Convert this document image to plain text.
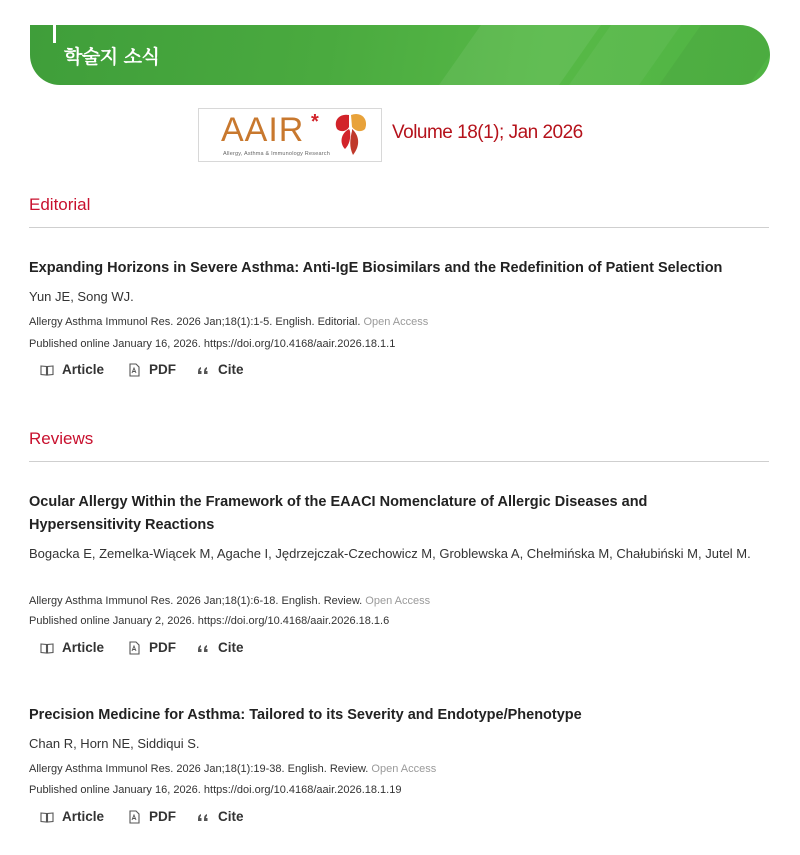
학술지 소식
AAIR *
Allergy, Asthma & Immunology Research
Volume 18(1); Jan 2026
Editorial
Expanding Horizons in Severe Asthma: Anti-IgE Biosimilars and the Redefinition of Patient Selection
Yun JE, Song WJ.
Allergy Asthma Immunol Res. 2026 Jan;18(1):1-5. English. Editorial. Open Access
Published online January 16, 2026. https://doi.org/10.4168/aair.2026.18.1.1
Article	PDF	Cite
Reviews
Ocular Allergy Within the Framework of the EAACI Nomenclature of Allergic Diseases and Hypersensitivity Reactions
Bogacka E, Zemelka-Wiącek M, Agache I, Jędrzejczak-Czechowicz M, Groblewska A, Chełmińska M, Chałubiński M, Jutel M.
Allergy Asthma Immunol Res. 2026 Jan;18(1):6-18. English. Review. Open Access
Published online January 2, 2026. https://doi.org/10.4168/aair.2026.18.1.6
Article	PDF	Cite
Precision Medicine for Asthma: Tailored to its Severity and Endotype/Phenotype
Chan R, Horn NE, Siddiqui S.
Allergy Asthma Immunol Res. 2026 Jan;18(1):19-38. English. Review. Open Access
Published online January 16, 2026. https://doi.org/10.4168/aair.2026.18.1.19
Article	PDF	Cite
